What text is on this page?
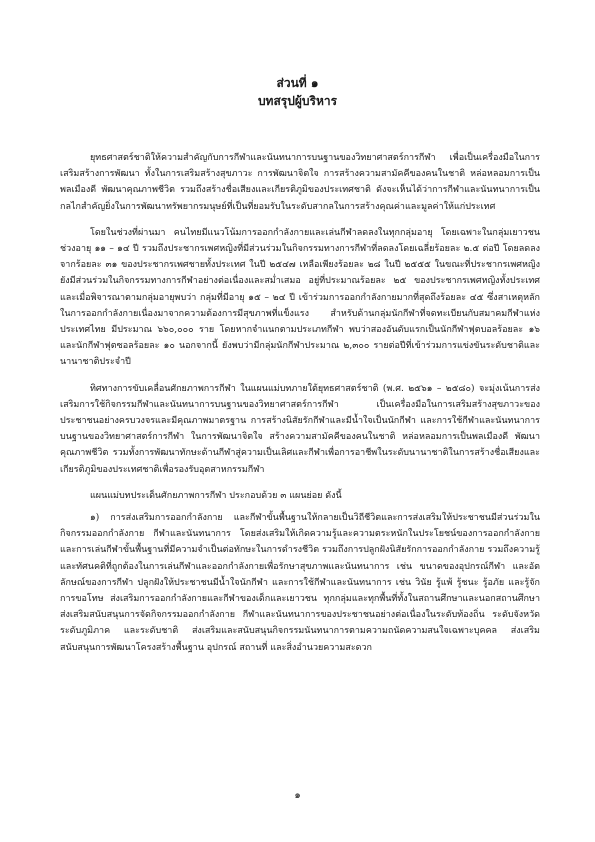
ส่วนที่ ๑
บทสรุปผู้บริหาร

ยุทธศาสตร์ชาติให้ความสำคัญกับการกีฬาและนันทนาการบนฐานของวิทยาศาสตร์การกีฬา เพื่อเป็นเครื่องมือในการเสริมสร้างการพัฒนา ทั้งในการเสริมสร้างสุขภาวะ การพัฒนาจิตใจ การสร้างความสามัคคีของคนในชาติ หล่อหลอมการเป็นพลเมืองดี พัฒนาคุณภาพชีวิต รวมถึงสร้างชื่อเสียงและเกียรติภูมิของประเทศชาติ ดังจะเห็นได้ว่าการกีฬาและนันทนาการเป็นกลไกสำคัญยิ่งในการพัฒนาทรัพยากรมนุษย์ที่เป็นที่ยอมรับในระดับสากลในการสร้างคุณค่าและมูลค่าให้แก่ประเทศ

โดยในช่วงที่ผ่านมา คนไทยมีแนวโน้มการออกกำลังกายและเล่นกีฬาลดลงในทุกกลุ่มอายุ โดยเฉพาะในกลุ่มเยาวชนช่วงอายุ ๑๑ – ๑๔ ปี รวมถึงประชากรเพศหญิงที่มีส่วนร่วมในกิจกรรมทางการกีฬาที่ลดลงโดยเฉลี่ยร้อยละ ๒.๕ ต่อปี โดยลดลงจากร้อยละ ๓๑ ของประชากรเพศชายทั้งประเทศ ในปี ๒๕๔๗ เหลือเพียงร้อยละ ๒๘ ในปี ๒๕๕๕ ในขณะที่ประชากรเพศหญิงยังมีส่วนร่วมในกิจกรรมทางการกีฬาอย่างต่อเนื่องและสม่ำเสมอ อยู่ที่ประมาณร้อยละ ๒๕ ของประชากรเพศหญิงทั้งประเทศ และเมื่อพิจารณาตามกลุ่มอายุพบว่า กลุ่มที่มีอายุ ๑๕ – ๒๔ ปี เข้าร่วมการออกกำลังกายมากที่สุดถึงร้อยละ ๔๕ ซึ่งสาเหตุหลักในการออกกำลังกายเนื่องมาจากความต้องการมีสุขภาพที่แข็งแรง สำหรับด้านกลุ่มนักกีฬาที่จดทะเบียนกับสมาคมกีฬาแห่งประเทศไทย มีประมาณ ๖๖๐,๐๐๐ ราย โดยหากจำแนกตามประเภทกีฬา พบว่าสองอันดับแรกเป็นนักกีฬาฟุตบอลร้อยละ ๑๖ และนักกีฬาฟุตซอลร้อยละ ๑๐ นอกจากนี้ ยังพบว่ามีกลุ่มนักกีฬาประมาณ ๒,๓๐๐ รายต่อปีที่เข้าร่วมการแข่งขันระดับชาติและนานาชาติประจำปี

ทิศทางการขับเคลื่อนศักยภาพการกีฬา ในแผนแม่บทภายใต้ยุทธศาสตร์ชาติ (พ.ศ. ๒๕๖๑ – ๒๕๘๐) จะมุ่งเน้นการส่งเสริมการใช้กิจกรรมกีฬาและนันทนาการบนฐานของวิทยาศาสตร์การกีฬา เป็นเครื่องมือในการเสริมสร้างสุขภาวะของประชาชนอย่างครบวงจรและมีคุณภาพมาตรฐาน การสร้างนิสัยรักกีฬาและมีน้ำใจเป็นนักกีฬา และการใช้กีฬาและนันทนาการบนฐานของวิทยาศาสตร์การกีฬา ในการพัฒนาจิตใจ สร้างความสามัคคีของคนในชาติ หล่อหลอมการเป็นพลเมืองดี พัฒนาคุณภาพชีวิต รวมทั้งการพัฒนาทักษะด้านกีฬาสู่ความเป็นเลิศและกีฬาเพื่อการอาชีพในระดับนานาชาติในการสร้างชื่อเสียงและเกียรติภูมิของประเทศชาติเพื่อรองรับอุตสาหกรรมกีฬา

แผนแม่บทประเด็นศักยภาพการกีฬา ประกอบด้วย ๓ แผนย่อย ดังนี้

๑) การส่งเสริมการออกกำลังกาย และกีฬาขั้นพื้นฐานให้กลายเป็นวิถีชีวิตและการส่งเสริมให้ประชาชนมีส่วนร่วมในกิจกรรมออกกำลังกาย กีฬาและนันทนาการ โดยส่งเสริมให้เกิดความรู้และความตระหนักในประโยชน์ของการออกกำลังกายและการเล่นกีฬาขั้นพื้นฐานที่มีความจำเป็นต่อทักษะในการดำรงชีวิต รวมถึงการปลูกฝังนิสัยรักการออกกำลังกาย รวมถึงความรู้และทัศนคติที่ถูกต้องในการเล่นกีฬาและออกกำลังกายเพื่อรักษาสุขภาพและนันทนาการ เช่น ขนาดของอุปกรณ์กีฬา และอัตลักษณ์ของการกีฬา ปลูกฝังให้ประชาชนมีน้ำใจนักกีฬา และการใช้กีฬาและนันทนาการ เช่น วินัย รู้แพ้ รู้ชนะ รู้อภัย และรู้จักการขอโทษ ส่งเสริมการออกกำลังกายและกีฬาของเด็กและเยาวชน ทุกกลุ่มและทุกพื้นที่ทั้งในสถานศึกษาและนอกสถานศึกษา ส่งเสริมสนับสนุนการจัดกิจกรรมออกกำลังกาย กีฬาและนันทนาการของประชาชนอย่างต่อเนื่องในระดับท้องถิ่น ระดับจังหวัด ระดับภูมิภาค และระดับชาติ ส่งเสริมและสนับสนุนกิจกรรมนันทนาการตามความถนัดความสนใจเฉพาะบุคคล ส่งเสริมสนับสนุนการพัฒนาโครงสร้างพื้นฐาน อุปกรณ์ สถานที่ และสิ่งอำนวยความสะดวก

๑
